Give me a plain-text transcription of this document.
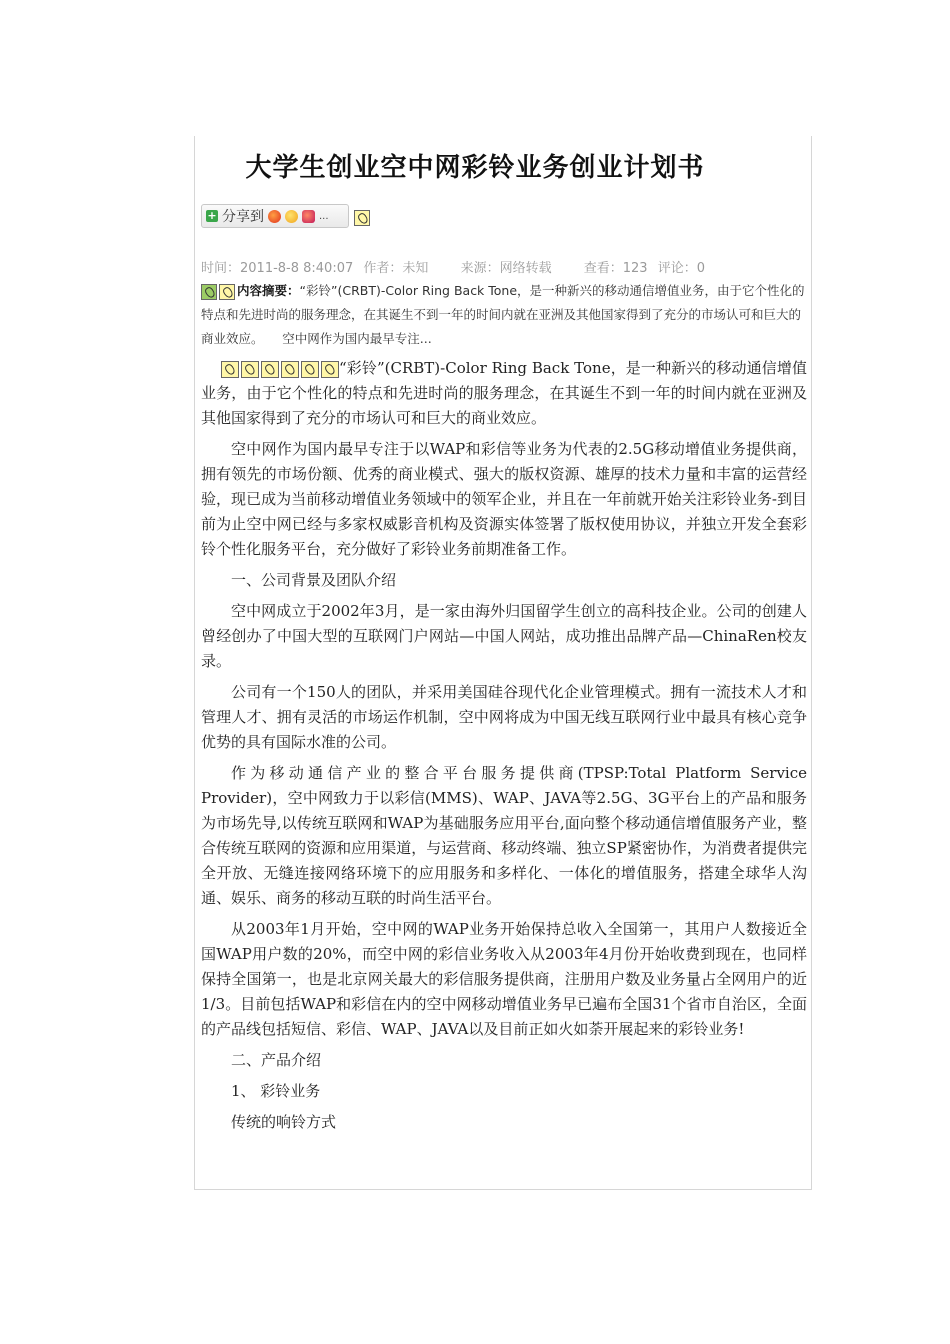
大学生创业空中网彩铃业务创业计划书
+ 分享到	...
时间：2011-8-8 8:40:07 作者：未知 来源：网络转载 查看：123 评论：0
内容摘要：“彩铃”(CRBT)-Color Ring Back Tone，是一种新兴的移动通信增值业务，由于它个性化的特点和先进时尚的服务理念，在其诞生不到一年的时间内就在亚洲及其他国家得到了充分的市场认可和巨大的商业效应。　　空中网作为国内最早专注...

“彩铃”(CRBT)-Color Ring Back Tone，是一种新兴的移动通信增值业务，由于它个性化的特点和先进时尚的服务理念，在其诞生不到一年的时间内就在亚洲及其他国家得到了充分的市场认可和巨大的商业效应。

空中网作为国内最早专注于以WAP和彩信等业务为代表的2.5G移动增值业务提供商，拥有领先的市场份额、优秀的商业模式、强大的版权资源、雄厚的技术力量和丰富的运营经验，现已成为当前移动增值业务领域中的领军企业，并且在一年前就开始关注彩铃业务-到目前为止空中网已经与多家权威影音机构及资源实体签署了版权使用协议，并独立开发全套彩铃个性化服务平台，充分做好了彩铃业务前期准备工作。

一、公司背景及团队介绍

空中网成立于2002年3月，是一家由海外归国留学生创立的高科技企业。公司的创建人曾经创办了中国大型的互联网门户网站—中国人网站，成功推出品牌产品—ChinaRen校友录。

公司有一个150人的团队，并采用美国硅谷现代化企业管理模式。拥有一流技术人才和管理人才、拥有灵活的市场运作机制，空中网将成为中国无线互联网行业中最具有核心竞争优势的具有国际水准的公司。

作为移动通信产业的整合平台服务提供商(TPSP:Total Platform Service Provider)，空中网致力于以彩信(MMS)、WAP、JAVA等2.5G、3G平台上的产品和服务为市场先导,以传统互联网和WAP为基础服务应用平台,面向整个移动通信增值服务产业，整合传统互联网的资源和应用渠道，与运营商、移动终端、独立SP紧密协作，为消费者提供完全开放、无缝连接网络环境下的应用服务和多样化、一体化的增值服务，搭建全球华人沟通、娱乐、商务的移动互联的时尚生活平台。

从2003年1月开始，空中网的WAP业务开始保持总收入全国第一，其用户人数接近全国WAP用户数的20%，而空中网的彩信业务收入从2003年4月份开始收费到现在，也同样保持全国第一，也是北京网关最大的彩信服务提供商，注册用户数及业务量占全网用户的近1/3。目前包括WAP和彩信在内的空中网移动增值业务早已遍布全国31个省市自治区，全面的产品线包括短信、彩信、WAP、JAVA以及目前正如火如荼开展起来的彩铃业务!

二、产品介绍

1、 彩铃业务

传统的响铃方式
